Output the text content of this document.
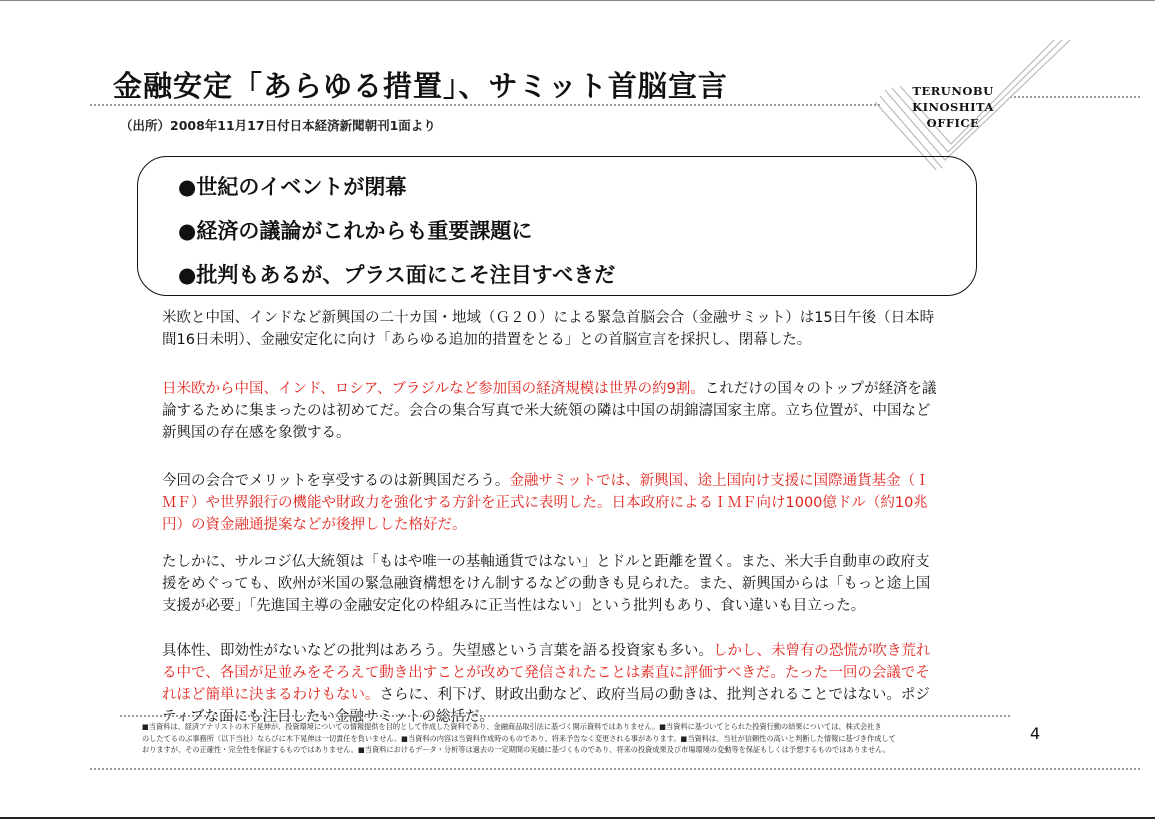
金融安定「あらゆる措置」、サミット首脳宣言
（出所）2008年11月17日付日本経済新聞朝刊1面より
TERUNOBU
KINOSHITA
OFFICE
●世紀のイベントが閉幕
●経済の議論がこれからも重要課題に
●批判もあるが、プラス面にこそ注目すべきだ
米欧と中国、インドなど新興国の二十カ国・地域（Ｇ２０）による緊急首脳会合（金融サミット）は15日午後（日本時
間16日未明）、金融安定化に向け「あらゆる追加的措置をとる」との首脳宣言を採択し、閉幕した。
日米欧から中国、インド、ロシア、ブラジルなど参加国の経済規模は世界の約9割。これだけの国々のトップが経済を議
論するために集まったのは初めてだ。会合の集合写真で米大統領の隣は中国の胡錦濤国家主席。立ち位置が、中国など
新興国の存在感を象徴する。
今回の会合でメリットを享受するのは新興国だろう。金融サミットでは、新興国、途上国向け支援に国際通貨基金（Ｉ
ＭＦ）や世界銀行の機能や財政力を強化する方針を正式に表明した。日本政府によるＩＭＦ向け1000億ドル（約10兆
円）の資金融通提案などが後押しした格好だ。
たしかに、サルコジ仏大統領は「もはや唯一の基軸通貨ではない」とドルと距離を置く。また、米大手自動車の政府支
援をめぐっても、欧州が米国の緊急融資構想をけん制するなどの動きも見られた。また、新興国からは「もっと途上国
支援が必要」「先進国主導の金融安定化の枠組みに正当性はない」という批判もあり、食い違いも目立った。
具体性、即効性がないなどの批判はあろう。失望感という言葉を語る投資家も多い。しかし、未曾有の恐慌が吹き荒れ
る中で、各国が足並みをそろえて動き出すことが改めて発信されたことは素直に評価すべきだ。たった一回の会議でそ
れほど簡単に決まるわけもない。さらに、利下げ、財政出動など、政府当局の動きは、批判されることではない。ポジ
ティブな面にも注目したい金融サミットの総括だ。
■当資料は、経済アナリストの木下晃伸が、投資環境についての情報提供を目的として作成した資料であり、金融商品取引法に基づく開示資料ではありません。■当資料に基づいてとられた投資行動の結果については、株式会社き
のしたてるのぶ事務所（以下当社）ならびに木下晃伸は一切責任を負いません。■当資料の内容は当資料作成時のものであり、将来予告なく変更される事があります。■当資料は、当社が信頼性の高いと判断した情報に基づき作成して
おりますが、その正確性・完全性を保証するものではありません。■当資料におけるデータ・分析等は過去の一定期間の実績に基づくものであり、将来の投資成果及び市場環境の変動等を保証もしくは予想するものではありません。
4
